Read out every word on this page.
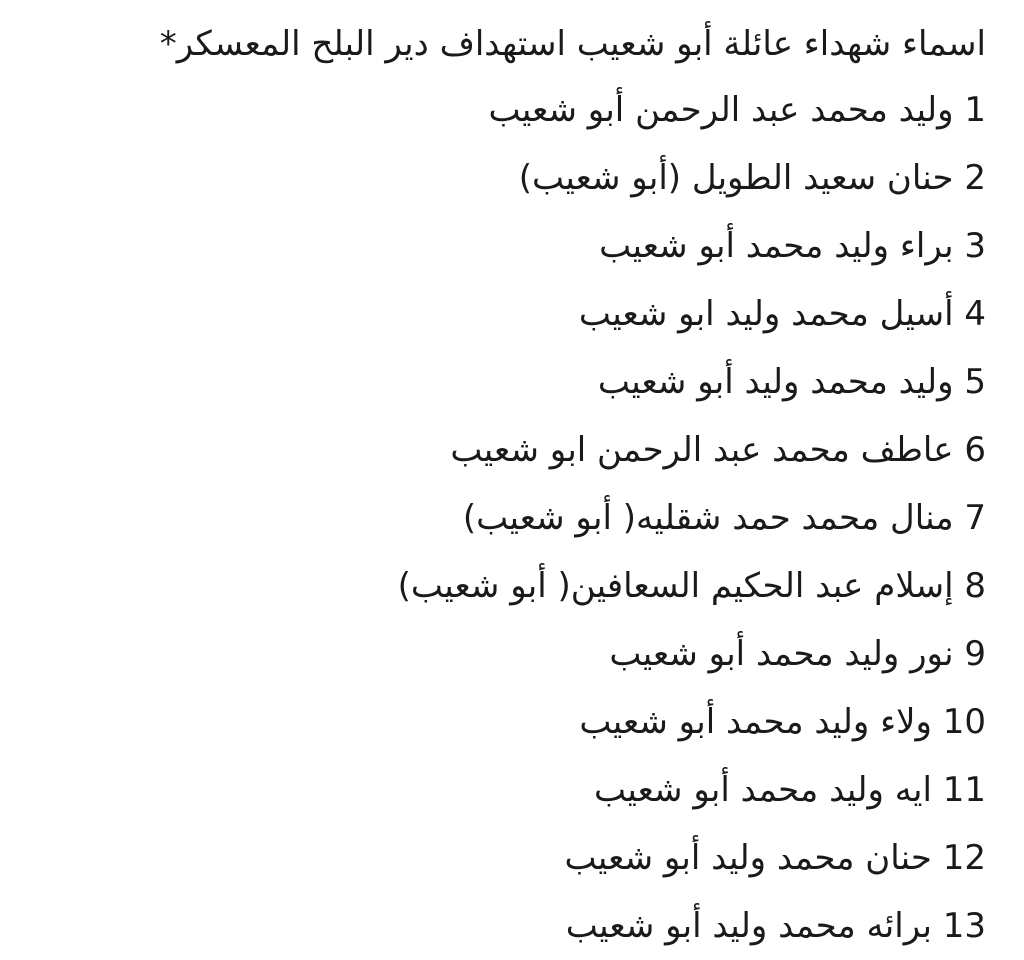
اسماء شهداء عائلة أبو شعيب استهداف دير البلح المعسكر*
1 وليد محمد عبد الرحمن أبو شعيب
2 حنان سعيد الطويل (أبو شعيب)
3 براء وليد محمد أبو شعيب
4 أسيل محمد وليد ابو شعيب
5 وليد محمد وليد أبو شعيب
6 عاطف محمد عبد الرحمن ابو شعيب
7 منال محمد حمد شقليه( أبو شعيب)
8 إسلام عبد الحكيم السعافين( أبو شعيب)
9 نور وليد محمد أبو شعيب
10 ولاء وليد محمد أبو شعيب
11 ايه وليد محمد أبو شعيب
12 حنان محمد وليد أبو شعيب
13 برائه محمد وليد أبو شعيب
